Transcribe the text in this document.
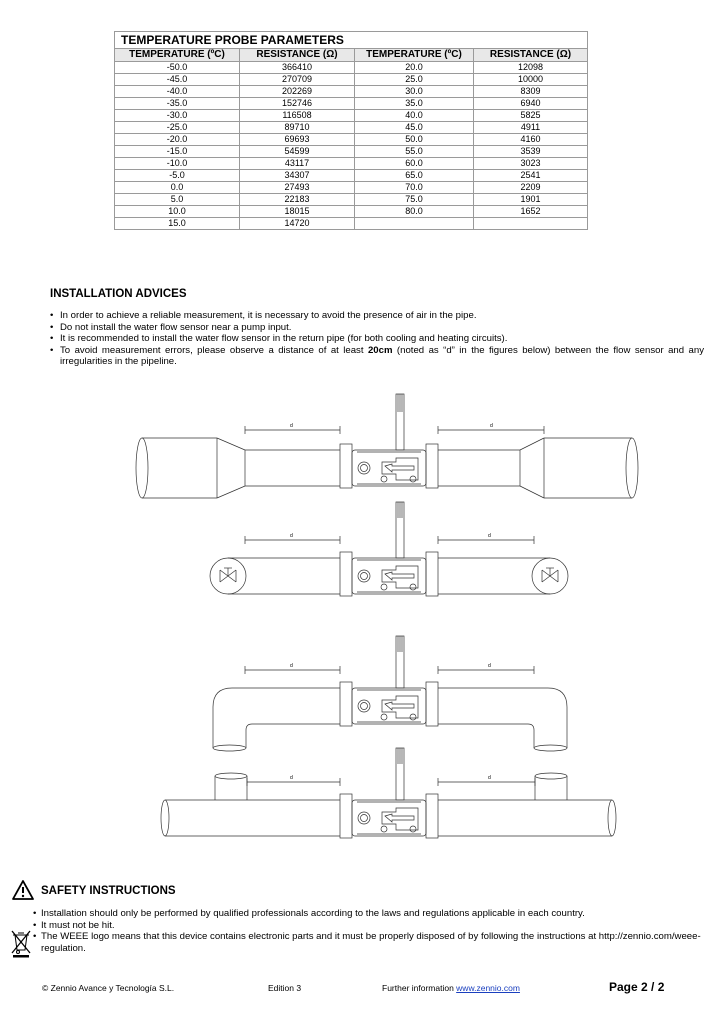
TEMPERATURE PROBE PARAMETERS			
TEMPERATURE (ºC)	RESISTANCE (Ω)	TEMPERATURE (ºC)	RESISTANCE (Ω)
-50.0	366410	20.0	12098
-45.0	270709	25.0	10000
-40.0	202269	30.0	8309
-35.0	152746	35.0	6940
-30.0	116508	40.0	5825
-25.0	89710	45.0	4911
-20.0	69693	50.0	4160
-15.0	54599	55.0	3539
-10.0	43117	60.0	3023
-5.0	34307	65.0	2541
0.0	27493	70.0	2209
5.0	22183	75.0	1901
10.0	18015	80.0	1652
15.0	14720		
INSTALLATION ADVICES
• In order to achieve a reliable measurement, it is necessary to avoid the presence of air in the pipe.
• Do not install the water flow sensor near a pump input.
• It is recommended to install the water flow sensor in the return pipe (for both cooling and heating circuits).
• To avoid measurement errors, please observe a distance of at least 20cm (noted as “d” in the figures below) between the flow sensor and any irregularities in the pipeline.
d	d
d	d
d	d
d	d
SAFETY INSTRUCTIONS
• Installation should only be performed by qualified professionals according to the laws and regulations applicable in each country.
• It must not be hit.
• The WEEE logo means that this device contains electronic parts and it must be properly disposed of by following the instructions at http://zennio.com/weee-regulation.
© Zennio Avance y Tecnología S.L.	Edition 3	Further information www.zennio.com	Page 2 / 2
